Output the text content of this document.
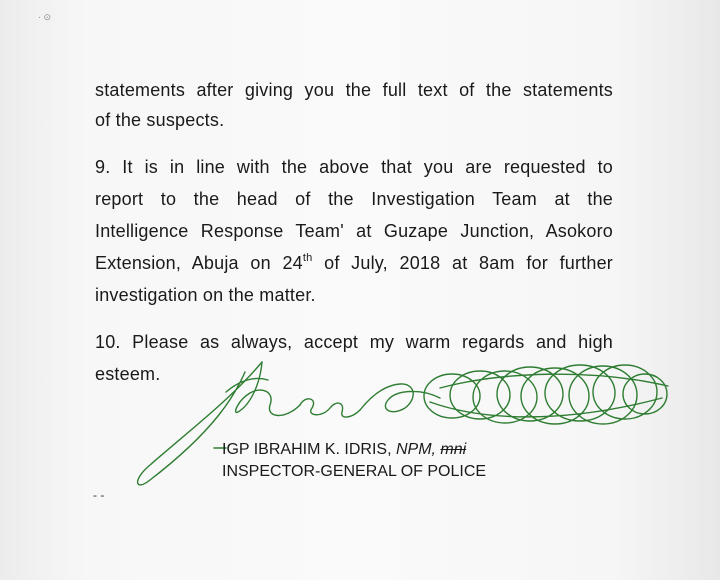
· ⊙
statements after giving you the full text of the statements
of the suspects.
9. It is in line with the above that you are requested to
report to the head of the Investigation Team at the
Intelligence Response Team' at Guzape Junction, Asokoro
Extension, Abuja on 24th of July, 2018 at 8am for further
investigation on the matter.
10. Please as always, accept my warm regards and high
esteem.
IGP IBRAHIM K. IDRIS, NPM, mni
INSPECTOR-GENERAL OF POLICE
- -
